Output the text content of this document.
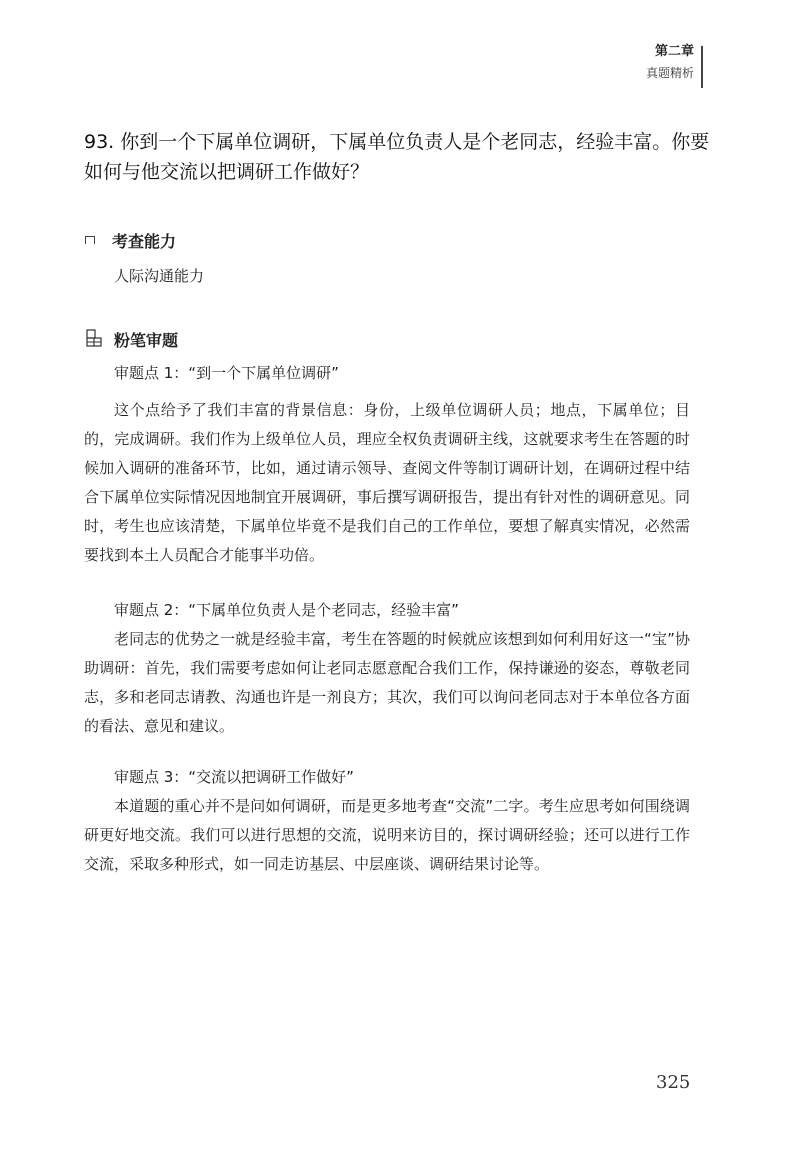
第二章
真题精析
93. 你到一个下属单位调研，下属单位负责人是个老同志，经验丰富。你要如何与他交流以把调研工作做好？
考查能力
人际沟通能力
粉笔审题
审题点 1：“到一个下属单位调研”

这个点给予了我们丰富的背景信息：身份，上级单位调研人员；地点，下属单位；目的，完成调研。我们作为上级单位人员，理应全权负责调研主线，这就要求考生在答题的时候加入调研的准备环节，比如，通过请示领导、查阅文件等制订调研计划，在调研过程中结合下属单位实际情况因地制宜开展调研，事后撰写调研报告，提出有针对性的调研意见。同时，考生也应该清楚，下属单位毕竟不是我们自己的工作单位，要想了解真实情况，必然需要找到本土人员配合才能事半功倍。

审题点 2：“下属单位负责人是个老同志，经验丰富”

老同志的优势之一就是经验丰富，考生在答题的时候就应该想到如何利用好这一“宝”协助调研：首先，我们需要考虑如何让老同志愿意配合我们工作，保持谦逊的姿态，尊敬老同志，多和老同志请教、沟通也许是一剂良方；其次，我们可以询问老同志对于本单位各方面的看法、意见和建议。

审题点 3：“交流以把调研工作做好”

本道题的重心并不是问如何调研，而是更多地考查“交流”二字。考生应思考如何围绕调研更好地交流。我们可以进行思想的交流，说明来访目的，探讨调研经验；还可以进行工作交流，采取多种形式，如一同走访基层、中层座谈、调研结果讨论等。

325
